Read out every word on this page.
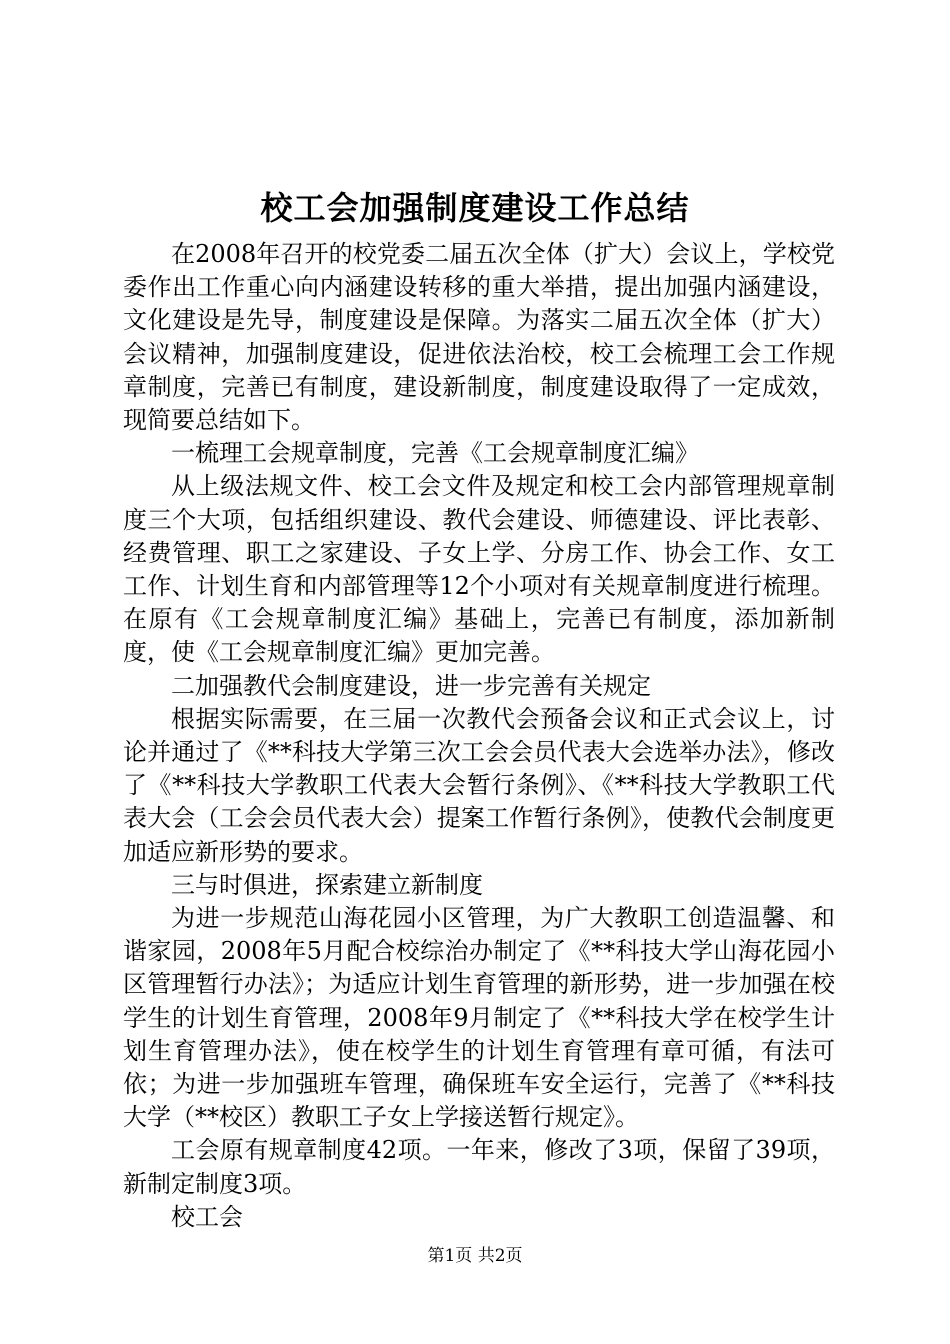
校工会加强制度建设工作总结

在2008年召开的校党委二届五次全体（扩大）会议上，学校党委作出工作重心向内涵建设转移的重大举措，提出加强内涵建设，文化建设是先导，制度建设是保障。为落实二届五次全体（扩大）会议精神，加强制度建设，促进依法治校，校工会梳理工会工作规章制度，完善已有制度，建设新制度，制度建设取得了一定成效，现简要总结如下。

一梳理工会规章制度，完善《工会规章制度汇编》

从上级法规文件、校工会文件及规定和校工会内部管理规章制度三个大项，包括组织建设、教代会建设、师德建设、评比表彰、经费管理、职工之家建设、子女上学、分房工作、协会工作、女工工作、计划生育和内部管理等12个小项对有关规章制度进行梳理。在原有《工会规章制度汇编》基础上，完善已有制度，添加新制度，使《工会规章制度汇编》更加完善。

二加强教代会制度建设，进一步完善有关规定

根据实际需要，在三届一次教代会预备会议和正式会议上，讨论并通过了《**科技大学第三次工会会员代表大会选举办法》，修改了《**科技大学教职工代表大会暂行条例》、《**科技大学教职工代表大会（工会会员代表大会）提案工作暂行条例》，使教代会制度更加适应新形势的要求。

三与时俱进，探索建立新制度

为进一步规范山海花园小区管理，为广大教职工创造温馨、和谐家园，2008年5月配合校综治办制定了《**科技大学山海花园小区管理暂行办法》；为适应计划生育管理的新形势，进一步加强在校学生的计划生育管理，2008年9月制定了《**科技大学在校学生计划生育管理办法》，使在校学生的计划生育管理有章可循，有法可依；为进一步加强班车管理，确保班车安全运行，完善了《**科技大学（**校区）教职工子女上学接送暂行规定》。

工会原有规章制度42项。一年来，修改了3项，保留了39项，新制定制度3项。

校工会

第1页 共2页
